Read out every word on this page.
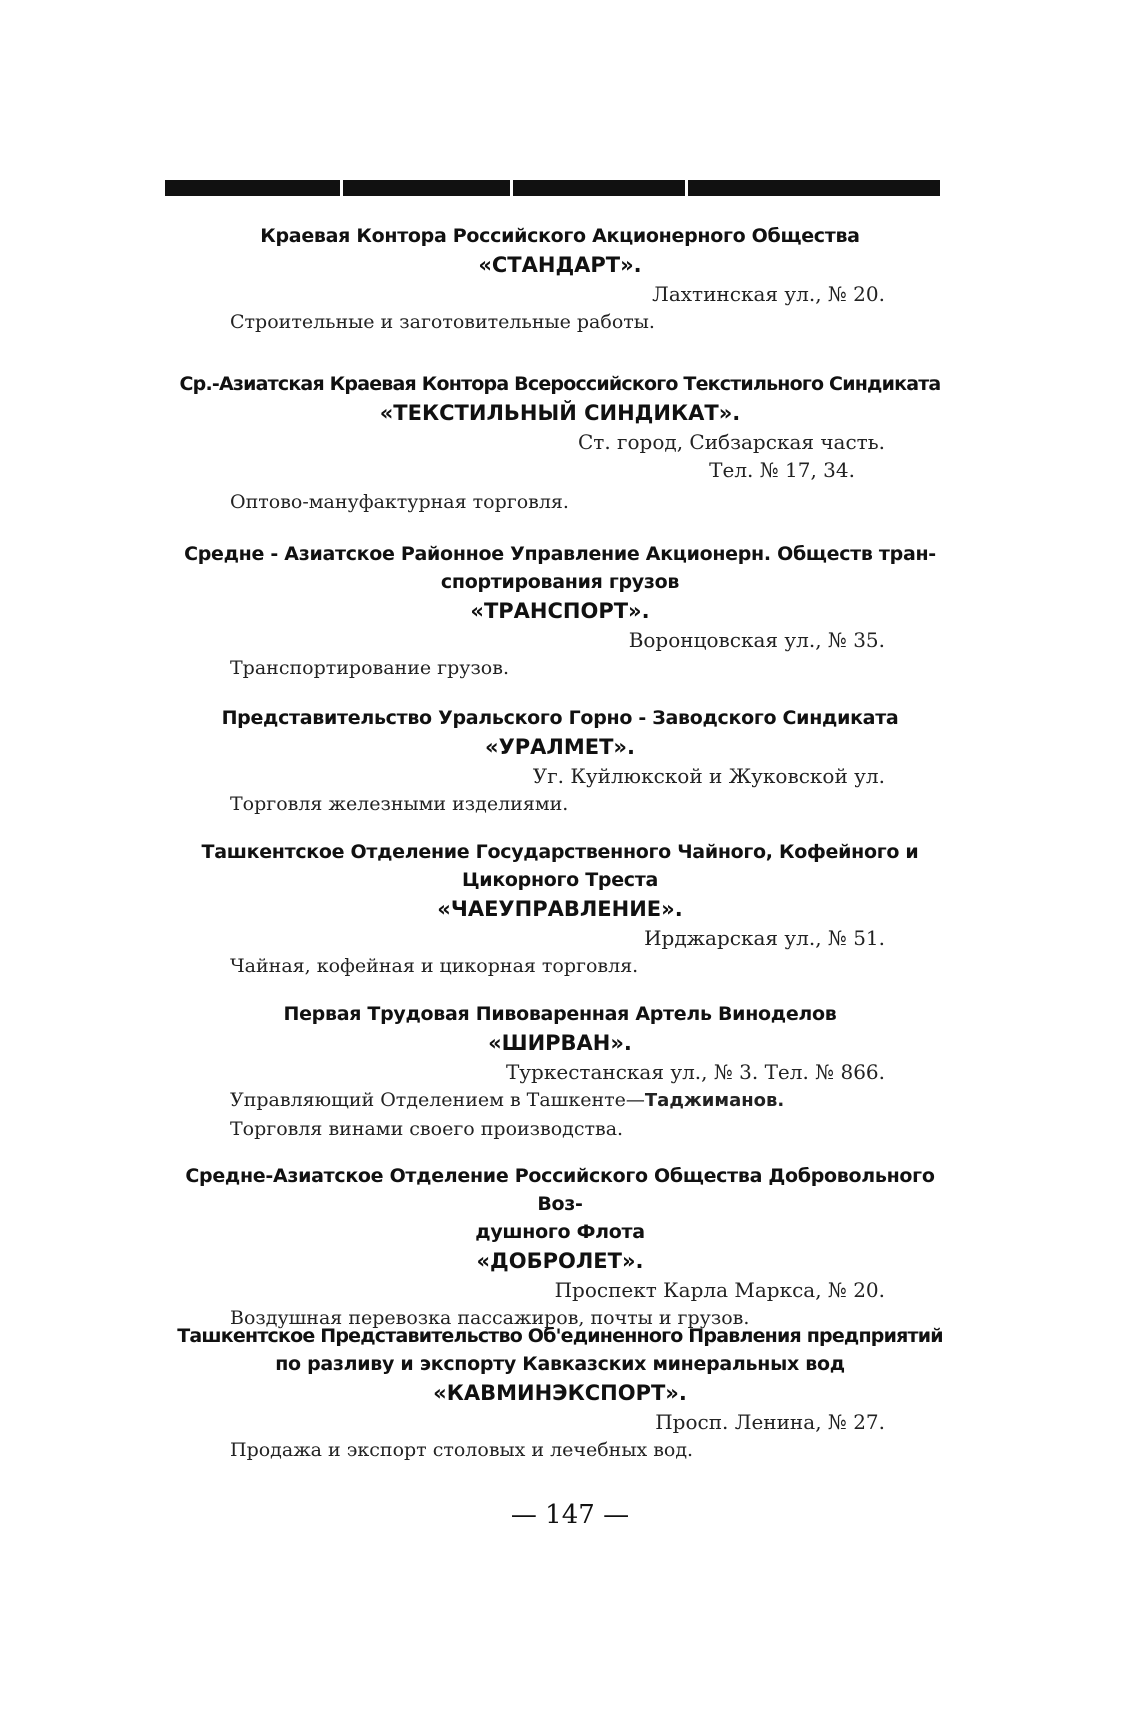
Краевая Контора Российского Акционерного Общества
«СТАНДАРТ».
Лахтинская ул., № 20.
Строительные и заготовительные работы.
Ср.-Азиатская Краевая Контора Всероссийского Текстильного Синдиката
«ТЕКСТИЛЬНЫЙ СИНДИКАТ».
Ст. город, Сибзарская часть.
Тел. № 17, 34.
Оптово-мануфактурная торговля.
Средне - Азиатское Районное Управление Акционерн. Обществ тран-
спортирования грузов
«ТРАНСПОРТ».
Воронцовская ул., № 35.
Транспортирование грузов.
Представительство Уральского Горно - Заводского Синдиката
«УРАЛМЕТ».
Уг. Куйлюкской и Жуковской ул.
Торговля железными изделиями.
Ташкентское Отделение Государственного Чайного, Кофейного и
Цикорного Треста
«ЧАЕУПРАВЛЕНИЕ».
Ирджарская ул., № 51.
Чайная, кофейная и цикорная торговля.
Первая Трудовая Пивоваренная Артель Виноделов
«ШИРВАН».
Туркестанская ул., № 3. Тел. № 866.
Управляющий Отделением в Ташкенте—Таджиманов.
Торговля винами своего производства.
Средне-Азиатское Отделение Российского Общества Добровольного Воз-
душного Флота
«ДОБРОЛЕТ».
Проспект Карла Маркса, № 20.
Воздушная перевозка пассажиров, почты и грузов.
Ташкентское Представительство Об'единенного Правления предприятий
по разливу и экспорту Кавказских минеральных вод
«КАВМИНЭКСПОРТ».
Просп. Ленина, № 27.
Продажа и экспорт столовых и лечебных вод.
— 147 —
